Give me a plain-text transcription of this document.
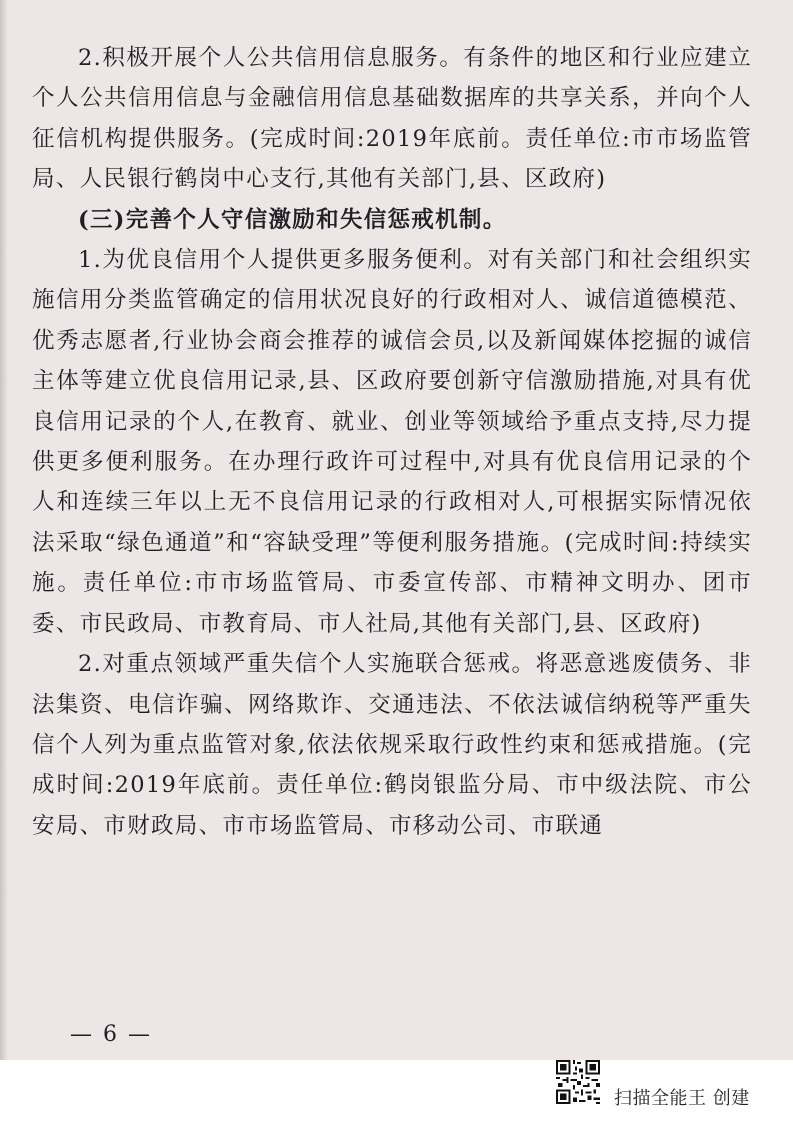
2.积极开展个人公共信用信息服务。有条件的地区和行业应建立个人公共信用信息与金融信用信息基础数据库的共享关系，并向个人征信机构提供服务。(完成时间:2019年底前。责任单位:市市场监管局、人民银行鹤岗中心支行,其他有关部门,县、区政府)

(三)完善个人守信激励和失信惩戒机制。

1.为优良信用个人提供更多服务便利。对有关部门和社会组织实施信用分类监管确定的信用状况良好的行政相对人、诚信道德模范、优秀志愿者,行业协会商会推荐的诚信会员,以及新闻媒体挖掘的诚信主体等建立优良信用记录,县、区政府要创新守信激励措施,对具有优良信用记录的个人,在教育、就业、创业等领域给予重点支持,尽力提供更多便利服务。在办理行政许可过程中,对具有优良信用记录的个人和连续三年以上无不良信用记录的行政相对人,可根据实际情况依法采取“绿色通道”和“容缺受理”等便利服务措施。(完成时间:持续实施。责任单位:市市场监管局、市委宣传部、市精神文明办、团市委、市民政局、市教育局、市人社局,其他有关部门,县、区政府)

2.对重点领域严重失信个人实施联合惩戒。将恶意逃废债务、非法集资、电信诈骗、网络欺诈、交通违法、不依法诚信纳税等严重失信个人列为重点监管对象,依法依规采取行政性约束和惩戒措施。(完成时间:2019年底前。责任单位:鹤岗银监分局、市中级法院、市公安局、市财政局、市市场监管局、市移动公司、市联通

— 6 —
扫描全能王 创建
